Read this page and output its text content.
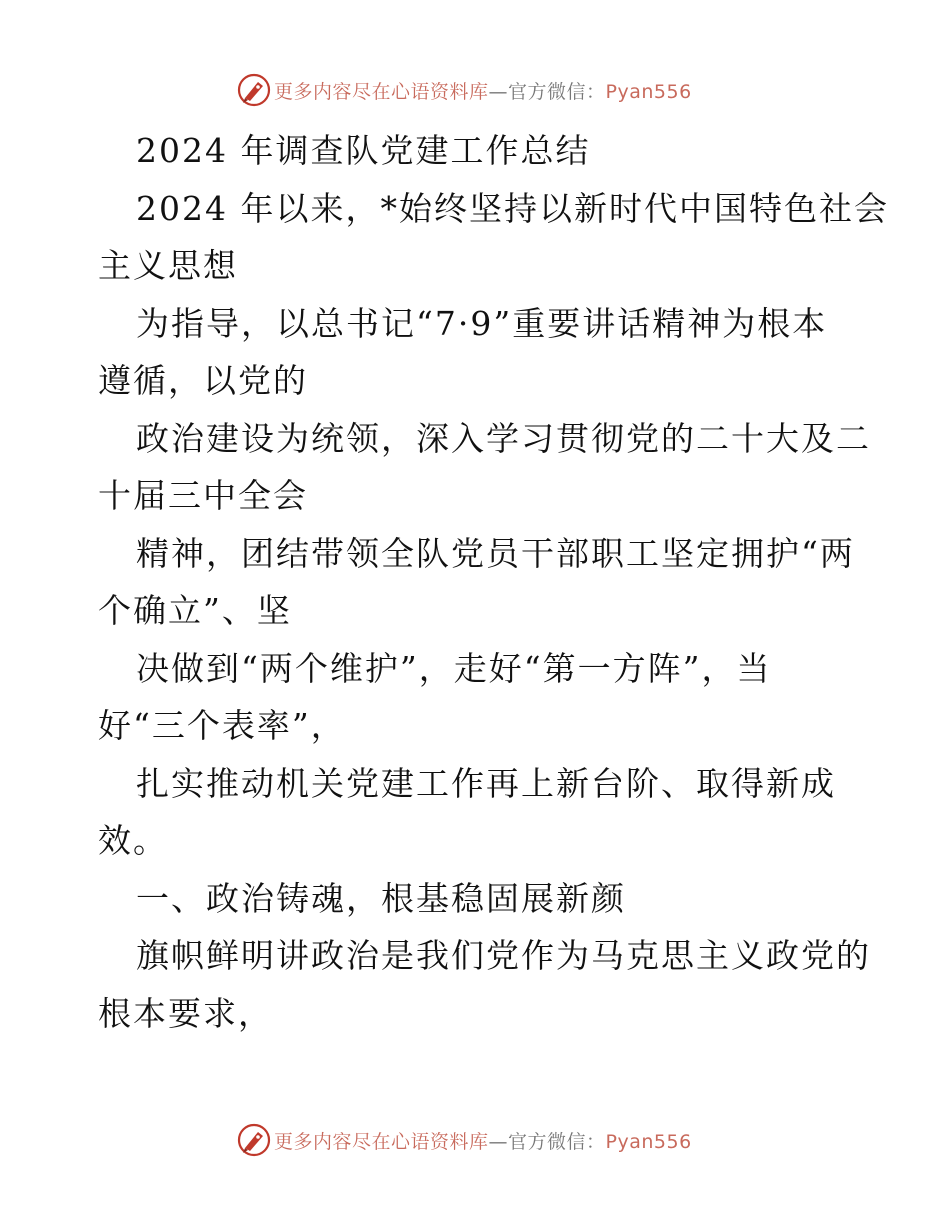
更多内容尽在心语资料库—官方微信：Pyan556
2024 年调查队党建工作总结
2024 年以来，*始终坚持以新时代中国特色社会
主义思想
为指导，以总书记“7·9”重要讲话精神为根本
遵循，以党的
政治建设为统领，深入学习贯彻党的二十大及二
十届三中全会
精神，团结带领全队党员干部职工坚定拥护“两
个确立”、坚
决做到“两个维护”，走好“第一方阵”，当
好“三个表率”，
扎实推动机关党建工作再上新台阶、取得新成
效。
一、政治铸魂，根基稳固展新颜
旗帜鲜明讲政治是我们党作为马克思主义政党的
根本要求，
更多内容尽在心语资料库—官方微信：Pyan556
